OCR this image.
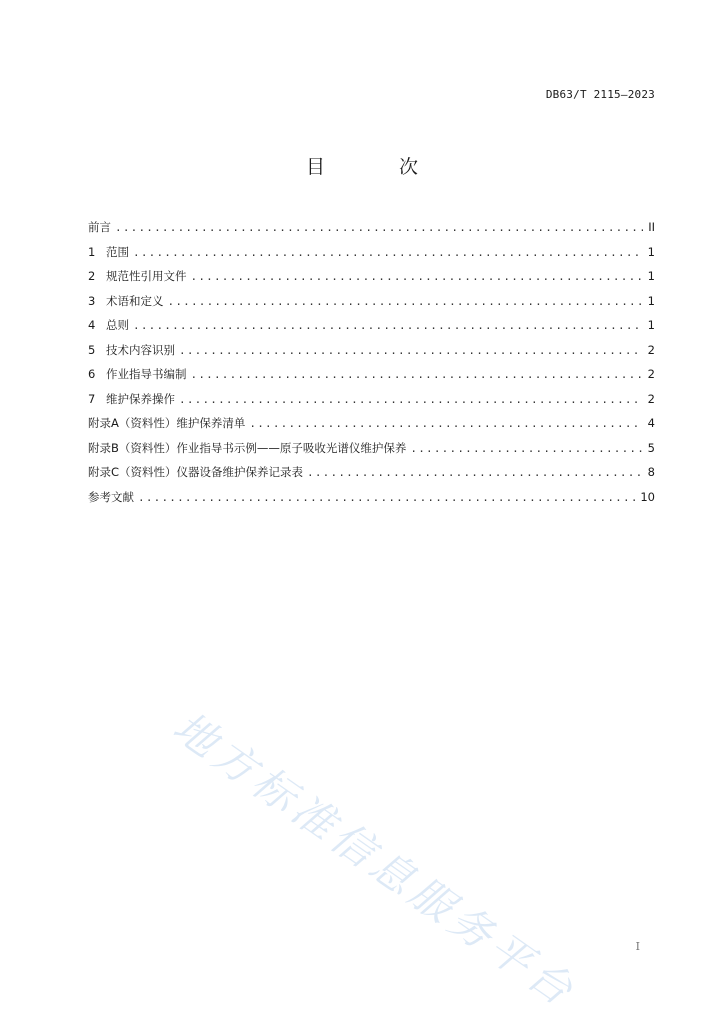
DB63/T 2115—2023
目 次
前言 .....	II
1 范围 .....	1
2 规范性引用文件 .....	1
3 术语和定义 .....	1
4 总则 .....	1
5 技术内容识别 .....	2
6 作业指导书编制 .....	2
7 维护保养操作 .....	2
附录A（资料性）维护保养清单 .....	4
附录B（资料性）作业指导书示例——原子吸收光谱仪维护保养 .....	5
附录C（资料性）仪器设备维护保养记录表 .....	8
参考文献 .....	10
地方标准信息服务平台	I
